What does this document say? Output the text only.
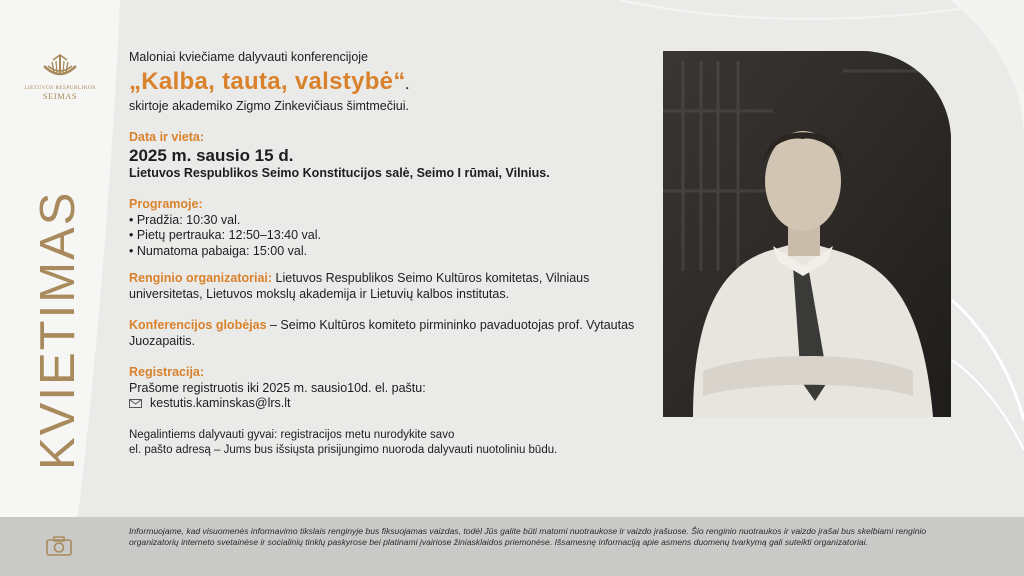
LIETUVOS RESPUBLIKOS
SEIMAS
KVIETIMAS
Maloniai kviečiame dalyvauti konferencijoje
„Kalba, tauta, valstybė“.
skirtoje akademiko Zigmo Zinkevičiaus šimtmečiui.
Data ir vieta:
2025 m. sausio 15 d.
Lietuvos Respublikos Seimo Konstitucijos salė, Seimo I rūmai, Vilnius.
Programoje:
• Pradžia: 10:30 val.
• Pietų pertrauka: 12:50–13:40 val.
• Numatoma pabaiga: 15:00 val.
Renginio organizatoriai: Lietuvos Respublikos Seimo Kultūros komitetas, Vilniaus universitetas, Lietuvos mokslų akademija ir Lietuvių kalbos institutas.
Konferencijos globėjas – Seimo Kultūros komiteto pirmininko pavaduotojas prof. Vytautas Juozapaitis.
Registracija:
Prašome registruotis iki 2025 m. sausio10d. el. paštu:
kestutis.kaminskas@lrs.lt
Negalintiems dalyvauti gyvai: registracijos metu nurodykite savo
el. pašto adresą – Jums bus išsiųsta prisijungimo nuoroda dalyvauti nuotoliniu būdu.
Informuojame, kad visuomenės informavimo tikslais renginyje bus fiksuojamas vaizdas, todėl Jūs galite būti matomi nuotraukose ir vaizdo įrašuose. Šio renginio nuotraukos ir vaizdo įrašai bus skelbiami renginio organizatorių interneto svetainėse ir socialinių tinklų paskyrose bei platinami įvairiose žiniasklaidos priemonėse. Išsamesnę informaciją apie asmens duomenų tvarkymą gali suteikti organizatoriai.
